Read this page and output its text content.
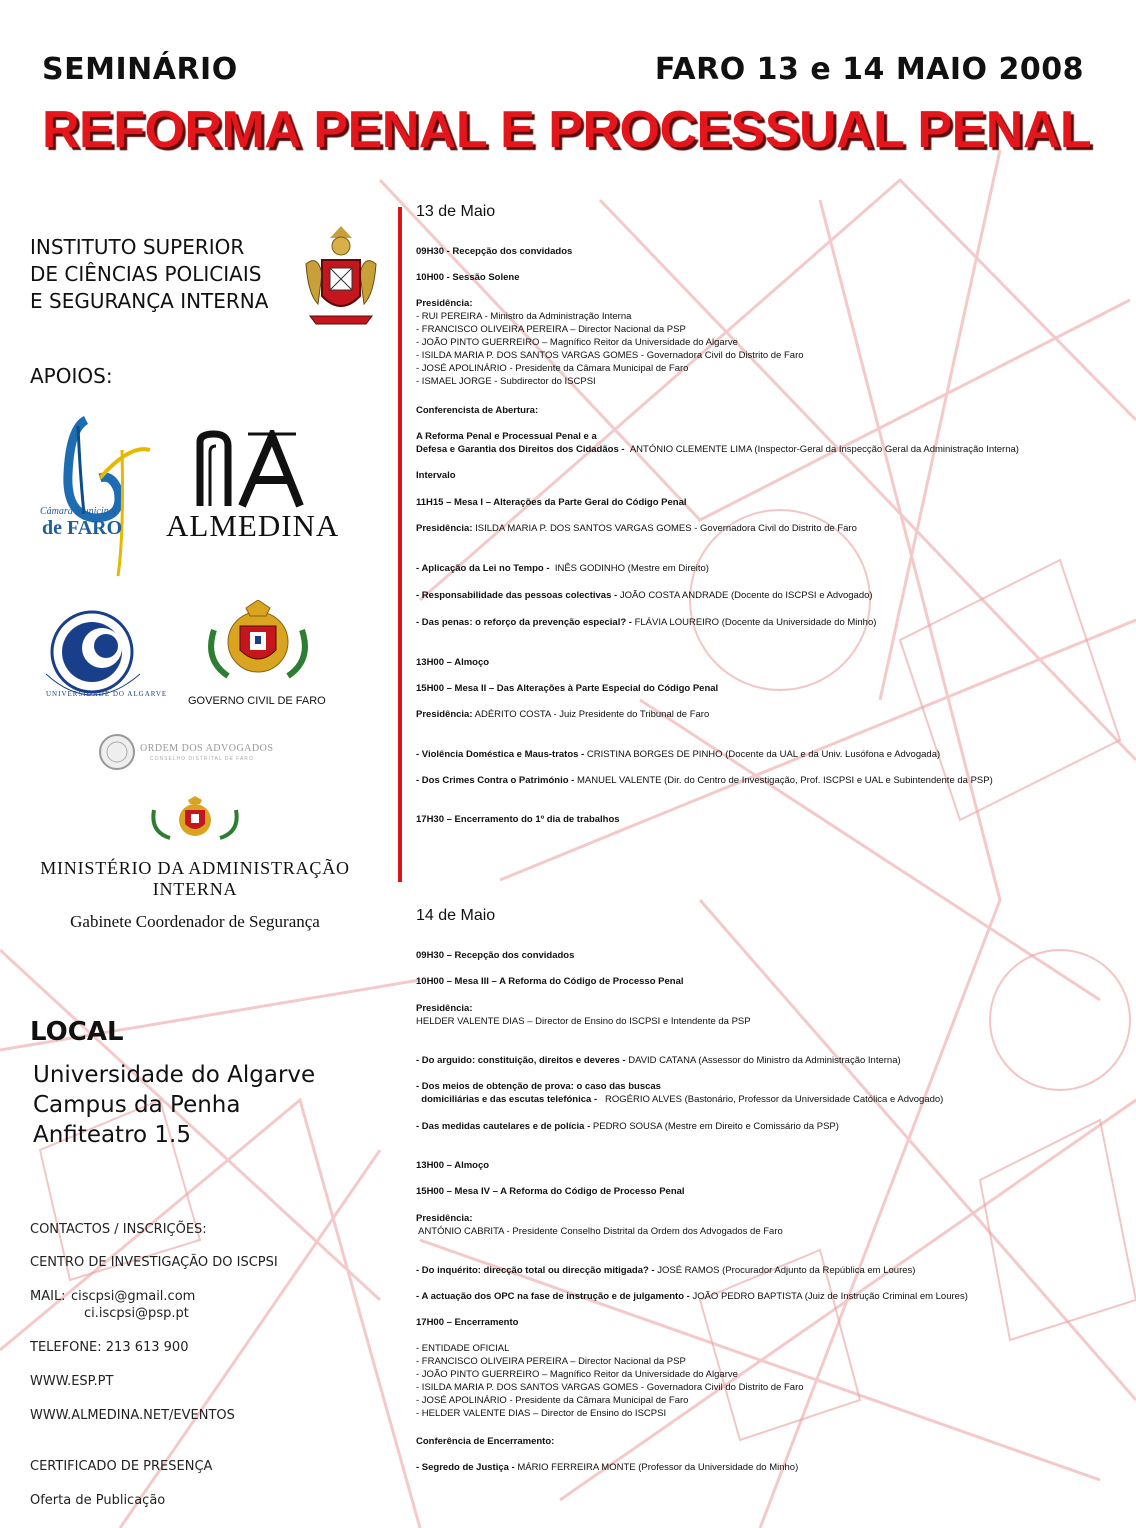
SEMINÁRIO	FARO 13 e 14 MAIO 2008
REFORMA PENAL E PROCESSUAL PENAL
INSTITUTO SUPERIOR
DE CIÊNCIAS POLICIAIS
E SEGURANÇA INTERNA
APOIOS:
Câmara Municipal
de FARO ALMEDINA
UNIVERSIDADE DO ALGARVE
GOVERNO CIVIL DE FARO
ORDEM DOS ADVOGADOS
CONSELHO DISTRITAL DE FARO
MINISTÉRIO DA ADMINISTRAÇÃO
INTERNA
Gabinete Coordenador de Segurança
LOCAL
Universidade do Algarve
Campus da Penha
Anfiteatro 1.5
CONTACTOS / INSCRIÇÕES:
CENTRO DE INVESTIGAÇÃO DO ISCPSI
MAIL: ciscpsi@gmail.com
ci.iscpsi@psp.pt
TELEFONE: 213 613 900
WWW.ESP.PT
WWW.ALMEDINA.NET/EVENTOS
CERTIFICADO DE PRESENÇA
Oferta de Publicação
13 de Maio
09H30 - Recepção dos convidados
10H00 - Sessão Solene
Presidência:
- RUI PEREIRA - Ministro da Administração Interna
- FRANCISCO OLIVEIRA PEREIRA – Director Nacional da PSP
- JOÃO PINTO GUERREIRO – Magnífico Reitor da Universidade do Algarve
- ISILDA MARIA P. DOS SANTOS VARGAS GOMES - Governadora Civil do Distrito de Faro
- JOSÉ APOLINÁRIO - Presidente da Câmara Municipal de Faro
- ISMAEL JORGE - Subdirector do ISCPSI
Conferencista de Abertura:
A Reforma Penal e Processual Penal e a
Defesa e Garantia dos Direitos dos Cidadãos - ANTÓNIO CLEMENTE LIMA (Inspector-Geral da Inspecção Geral da Administração Interna)
Intervalo
11H15 – Mesa I – Alterações da Parte Geral do Código Penal
Presidência: ISILDA MARIA P. DOS SANTOS VARGAS GOMES - Governadora Civil do Distrito de Faro
- Aplicação da Lei no Tempo - INÊS GODINHO (Mestre em Direito)
- Responsabilidade das pessoas colectivas - JOÃO COSTA ANDRADE (Docente do ISCPSI e Advogado)
- Das penas: o reforço da prevenção especial? - FLÁVIA LOUREIRO (Docente da Universidade do Minho)
13H00 – Almoço
15H00 – Mesa II – Das Alterações à Parte Especial do Código Penal
Presidência: ADÉRITO COSTA - Juiz Presidente do Tribunal de Faro
- Violência Doméstica e Maus-tratos - CRISTINA BORGES DE PINHO (Docente da UAL e da Univ. Lusófona e Advogada)
- Dos Crimes Contra o Património - MANUEL VALENTE (Dir. do Centro de Investigação, Prof. ISCPSI e UAL e Subintendente da PSP)
17H30 – Encerramento do 1º dia de trabalhos
14 de Maio
09H30 – Recepção dos convidados
10H00 – Mesa III – A Reforma do Código de Processo Penal
Presidência:
HELDER VALENTE DIAS – Director de Ensino do ISCPSI e Intendente da PSP
- Do arguido: constituição, direitos e deveres - DAVID CATANA (Assessor do Ministro da Administração Interna)
- Dos meios de obtenção de prova: o caso das buscas
domiciliárias e das escutas telefónica - ROGÉRIO ALVES (Bastonário, Professor da Universidade Católica e Advogado)
- Das medidas cautelares e de polícia - PEDRO SOUSA (Mestre em Direito e Comissário da PSP)
13H00 – Almoço
15H00 – Mesa IV – A Reforma do Código de Processo Penal
Presidência:
ANTÓNIO CABRITA - Presidente Conselho Distrital da Ordem dos Advogados de Faro
- Do inquérito: direcção total ou direcção mitigada? - JOSÉ RAMOS (Procurador Adjunto da República em Loures)
- A actuação dos OPC na fase de instrução e de julgamento - JOÃO PEDRO BAPTISTA (Juiz de Instrução Criminal em Loures)
17H00 – Encerramento
- ENTIDADE OFICIAL
- FRANCISCO OLIVEIRA PEREIRA – Director Nacional da PSP
- JOÃO PINTO GUERREIRO – Magnífico Reitor da Universidade do Algarve
- ISILDA MARIA P. DOS SANTOS VARGAS GOMES - Governadora Civil do Distrito de Faro
- JOSÉ APOLINÁRIO - Presidente da Câmara Municipal de Faro
- HELDER VALENTE DIAS – Director de Ensino do ISCPSI
Conferência de Encerramento:
- Segredo de Justiça - MÁRIO FERREIRA MONTE (Professor da Universidade do Minho)
